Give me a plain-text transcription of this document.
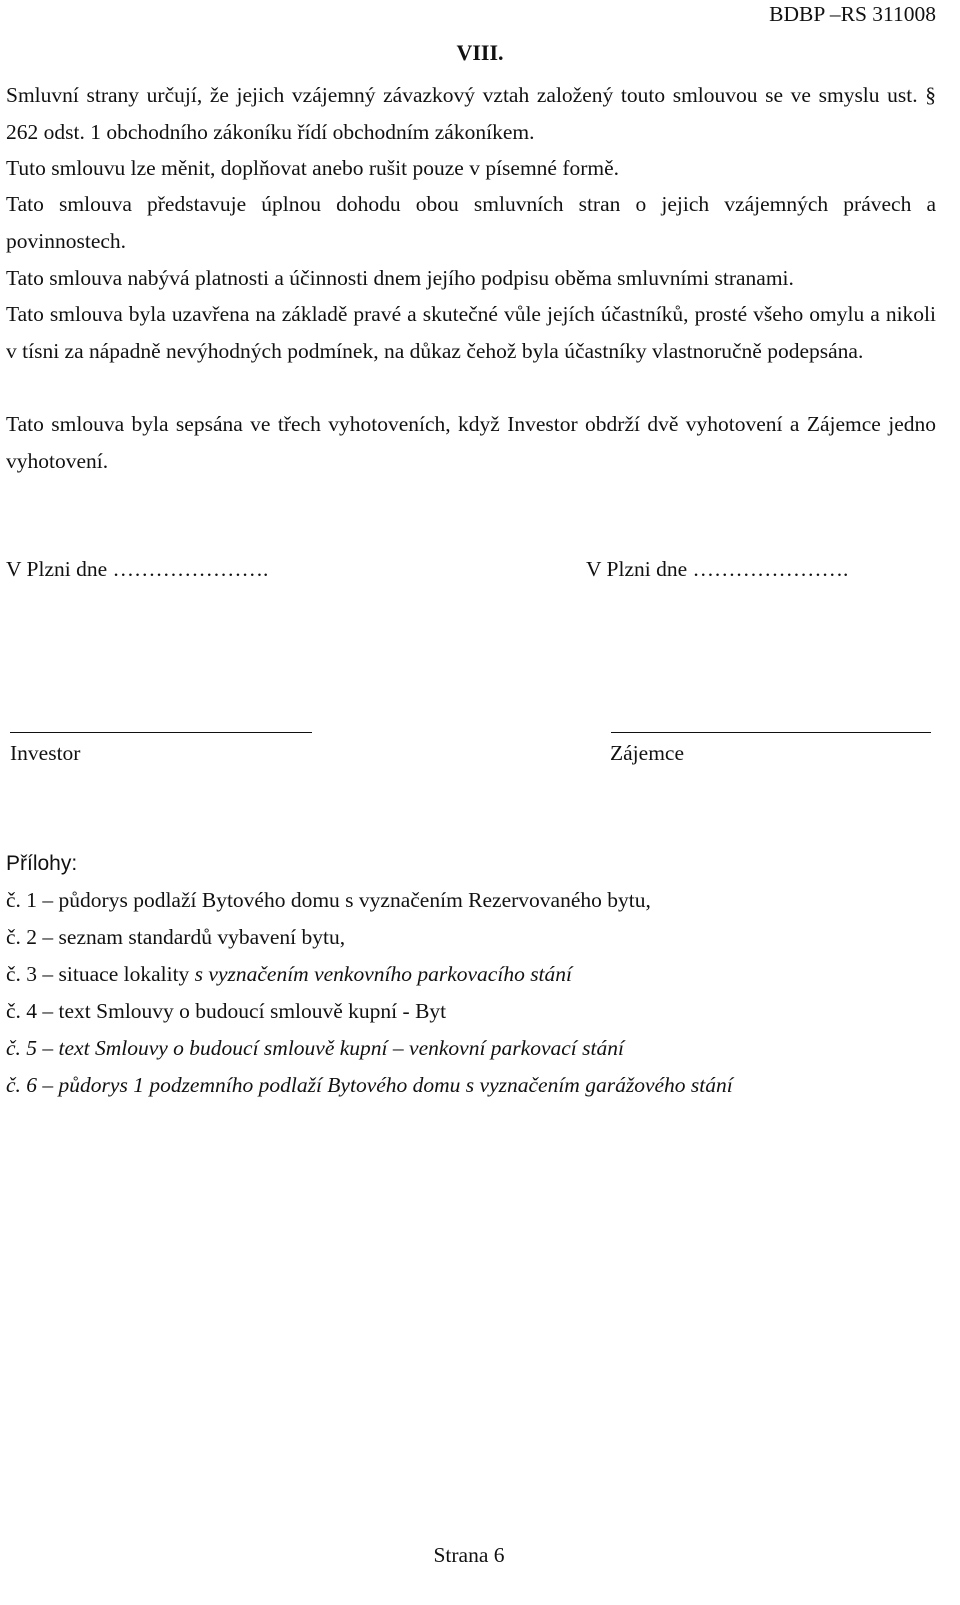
BDBP –RS 311008
VIII.

Smluvní strany určují, že jejich vzájemný závazkový vztah založený touto smlouvou se ve smyslu ust. § 262 odst. 1 obchodního zákoníku řídí obchodním zákoníkem.

Tuto smlouvu lze měnit, doplňovat anebo rušit pouze v písemné formě.

Tato smlouva představuje úplnou dohodu obou smluvních stran o jejich vzájemných právech a povinnostech.

Tato smlouva nabývá platnosti a účinnosti dnem jejího podpisu oběma smluvními stranami.

Tato smlouva byla uzavřena na základě pravé a skutečné vůle jejích účastníků, prosté všeho omylu a nikoli v tísni za nápadně nevýhodných podmínek, na důkaz čehož byla účastníky vlastnoručně podepsána.

Tato smlouva byla sepsána ve třech vyhotoveních, když Investor obdrží dvě vyhotovení a Zájemce jedno vyhotovení.

V Plzni dne ………………….	V Plzni dne ………………….
Investor	Zájemce
Přílohy:
č. 1 – půdorys podlaží Bytového domu s vyznačením Rezervovaného bytu,
č. 2 – seznam standardů vybavení bytu,
č. 3 – situace lokality s vyznačením venkovního parkovacího stání
č. 4 – text Smlouvy o budoucí smlouvě kupní - Byt
č. 5 – text Smlouvy o budoucí smlouvě kupní – venkovní parkovací stání
č. 6 – půdorys 1 podzemního podlaží Bytového domu s vyznačením garážového stání
Strana 6
